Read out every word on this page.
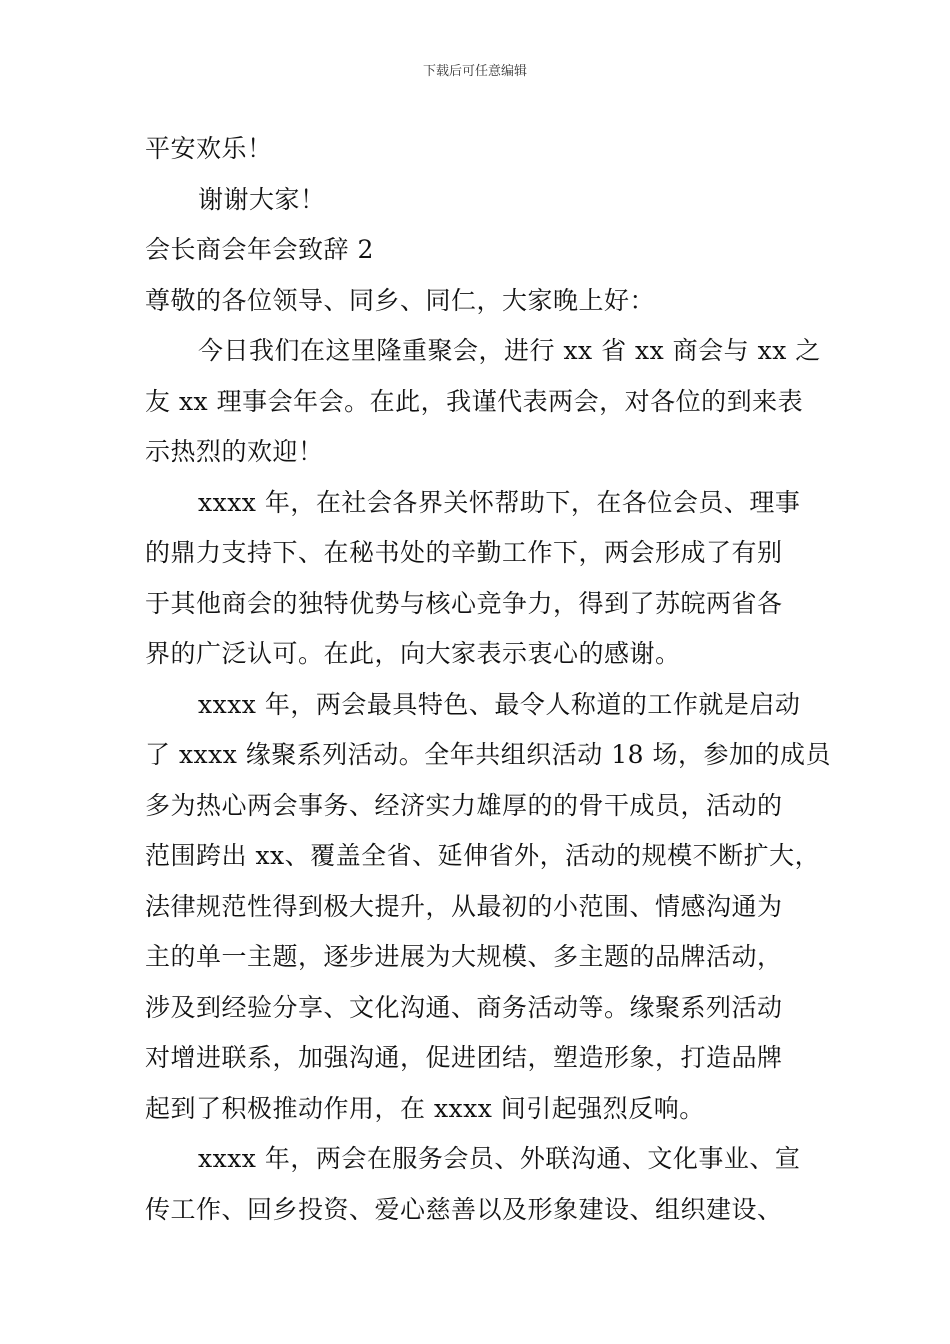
下载后可任意编辑
平安欢乐！
谢谢大家！
会长商会年会致辞 2
尊敬的各位领导、同乡、同仁，大家晚上好：
今日我们在这里隆重聚会，进行 xx 省 xx 商会与 xx 之
友 xx 理事会年会。在此，我谨代表两会，对各位的到来表
示热烈的欢迎！
xxxx 年，在社会各界关怀帮助下，在各位会员、理事
的鼎力支持下、在秘书处的辛勤工作下，两会形成了有别
于其他商会的独特优势与核心竞争力，得到了苏皖两省各
界的广泛认可。在此，向大家表示衷心的感谢。
xxxx 年，两会最具特色、最令人称道的工作就是启动
了 xxxx 缘聚系列活动。全年共组织活动 18 场，参加的成员
多为热心两会事务、经济实力雄厚的的骨干成员，活动的
范围跨出 xx、覆盖全省、延伸省外，活动的规模不断扩大，
法律规范性得到极大提升，从最初的小范围、情感沟通为
主的单一主题，逐步进展为大规模、多主题的品牌活动，
涉及到经验分享、文化沟通、商务活动等。缘聚系列活动
对增进联系，加强沟通，促进团结，塑造形象，打造品牌
起到了积极推动作用，在 xxxx 间引起强烈反响。
xxxx 年，两会在服务会员、外联沟通、文化事业、宣
传工作、回乡投资、爱心慈善以及形象建设、组织建设、
